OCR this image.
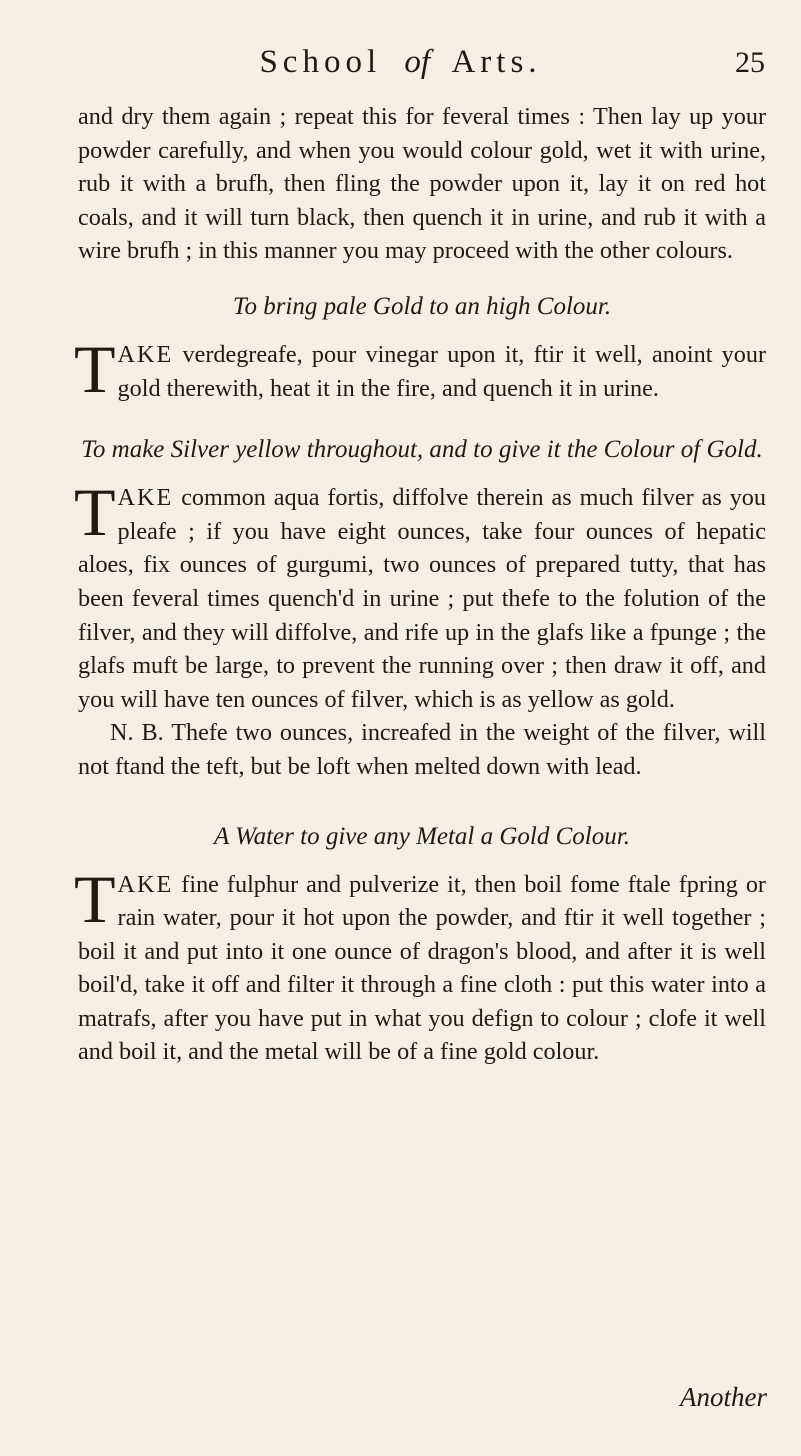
School of Arts.	25

and dry them again ; repeat this for feveral times : Then lay up your powder carefully, and when you would colour gold, wet it with urine, rub it with a brufh, then fling the powder upon it, lay it on red hot coals, and it will turn black, then quench it in urine, and rub it with a wire brufh ; in this manner you may proceed with the other colours.

To bring pale Gold to an high Colour.

TAKE verdegreafe, pour vinegar upon it, ftir it well, anoint your gold therewith, heat it in the fire, and quench it in urine.

To make Silver yellow throughout, and to give it the Colour of Gold.

TAKE common aqua fortis, diffolve therein as much filver as you pleafe ; if you have eight ounces, take four ounces of hepatic aloes, fix ounces of gurgumi, two ounces of prepared tutty, that has been feveral times quench'd in urine ; put thefe to the folution of the filver, and they will diffolve, and rife up in the glafs like a fpunge ; the glafs muft be large, to prevent the running over ; then draw it off, and you will have ten ounces of filver, which is as yellow as gold.

N. B. Thefe two ounces, increafed in the weight of the filver, will not ftand the teft, but be loft when melted down with lead.

A Water to give any Metal a Gold Colour.

TAKE fine fulphur and pulverize it, then boil fome ftale fpring or rain water, pour it hot upon the powder, and ftir it well together ; boil it and put into it one ounce of dragon's blood, and after it is well boil'd, take it off and filter it through a fine cloth : put this water into a matrafs, after you have put in what you defign to colour ; clofe it well and boil it, and the metal will be of a fine gold colour.

Another
